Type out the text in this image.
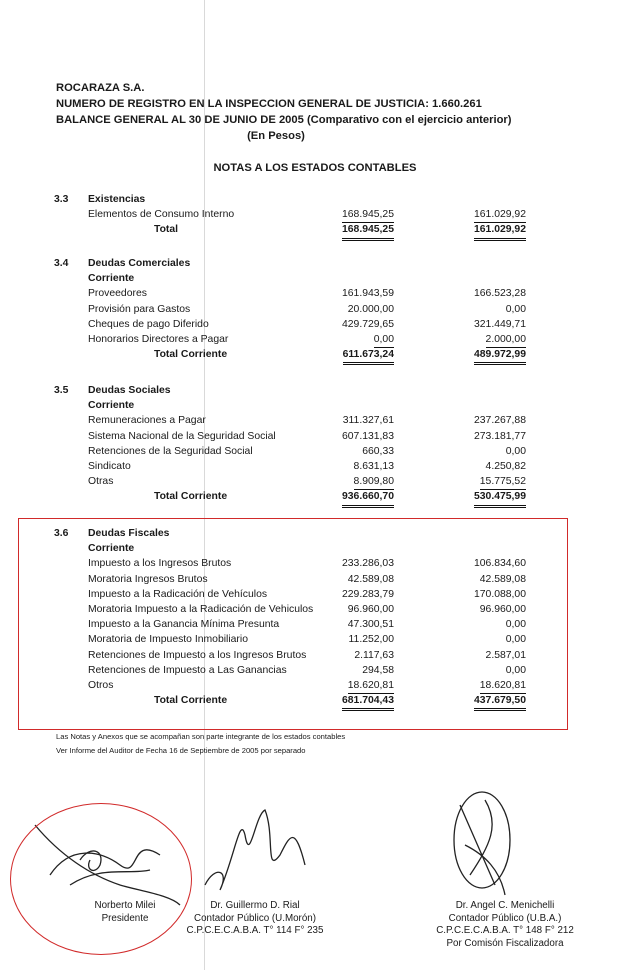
ROCARAZA S.A.
NUMERO DE REGISTRO EN LA INSPECCION GENERAL DE JUSTICIA: 1.660.261
BALANCE GENERAL AL 30 DE JUNIO DE 2005 (Comparativo con el ejercicio anterior)
(En Pesos)
NOTAS A LOS ESTADOS CONTABLES
3.3 Existencias
Elementos de Consumo Interno	168.945,25	161.029,92
Total	168.945,25	161.029,92
3.4 Deudas Comerciales
Corriente
Proveedores	161.943,59	166.523,28
Provisión para Gastos	20.000,00	0,00
Cheques de pago Diferido	429.729,65	321.449,71
Honorarios Directores a Pagar	0,00	2.000,00
Total Corriente	611.673,24	489.972,99
3.5 Deudas Sociales
Corriente
Remuneraciones a Pagar	311.327,61	237.267,88
Sistema Nacional de la Seguridad Social	607.131,83	273.181,77
Retenciones de la Seguridad Social	660,33	0,00
Sindicato	8.631,13	4.250,82
Otras	8.909,80	15.775,52
Total Corriente	936.660,70	530.475,99
3.6 Deudas Fiscales
Corriente
Impuesto a los Ingresos Brutos	233.286,03	106.834,60
Moratoria Ingresos Brutos	42.589,08	42.589,08
Impuesto a la Radicación de Vehículos	229.283,79	170.088,00
Moratoria Impuesto a la Radicación de Vehiculos	96.960,00	96.960,00
Impuesto a la Ganancia Mínima Presunta	47.300,51	0,00
Moratoria de Impuesto Inmobiliario	11.252,00	0,00
Retenciones de Impuesto a los Ingresos Brutos	2.117,63	2.587,01
Retenciones de Impuesto a Las Ganancias	294,58	0,00
Otros	18.620,81	18.620,81
Total Corriente	681.704,43	437.679,50
Las Notas y Anexos que se acompañan son parte integrante de los estados contables
Ver Informe del Auditor de Fecha 16 de Septiembre de 2005 por separado
Norberto Milei
Presidente
Dr. Guillermo D. Rial
Contador Público (U.Morón)
C.P.C.E.C.A.B.A. T° 114 F° 235
Dr. Angel C. Menichelli
Contador Público (U.B.A.)
C.P.C.E.C.A.B.A. T° 148 F° 212
Por Comisón Fiscalizadora
